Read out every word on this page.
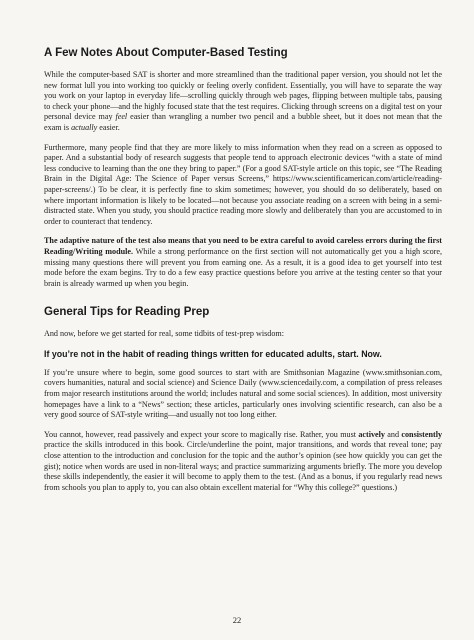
A Few Notes About Computer-Based Testing

While the computer-based SAT is shorter and more streamlined than the traditional paper version, you should not let the new format lull you into working too quickly or feeling overly confident. Essentially, you will have to separate the way you work on your laptop in everyday life—scrolling quickly through web pages, flipping between multiple tabs, pausing to check your phone—and the highly focused state that the test requires. Clicking through screens on a digital test on your personal device may feel easier than wrangling a number two pencil and a bubble sheet, but it does not mean that the exam is actually easier.

Furthermore, many people find that they are more likely to miss information when they read on a screen as opposed to paper. And a substantial body of research suggests that people tend to approach electronic devices “with a state of mind less conducive to learning than the one they bring to paper.” (For a good SAT-style article on this topic, see “The Reading Brain in the Digital Age: The Science of Paper versus Screens,” https://www.scientificamerican.com/article/reading-paper-screens/.) To be clear, it is perfectly fine to skim sometimes; however, you should do so deliberately, based on where important information is likely to be located—not because you associate reading on a screen with being in a semi-distracted state. When you study, you should practice reading more slowly and deliberately than you are accustomed to in order to counteract that tendency.

The adaptive nature of the test also means that you need to be extra careful to avoid careless errors during the first Reading/Writing module. While a strong performance on the first section will not automatically get you a high score, missing many questions there will prevent you from earning one. As a result, it is a good idea to get yourself into test mode before the exam begins. Try to do a few easy practice questions before you arrive at the testing center so that your brain is already warmed up when you begin.

General Tips for Reading Prep

And now, before we get started for real, some tidbits of test-prep wisdom:

If you’re not in the habit of reading things written for educated adults, start. Now.

If you’re unsure where to begin, some good sources to start with are Smithsonian Magazine (www.smithsonian.com, covers humanities, natural and social science) and Science Daily (www.sciencedaily.com, a compilation of press releases from major research institutions around the world; includes natural and some social sciences). In addition, most university homepages have a link to a “News” section; these articles, particularly ones involving scientific research, can also be a very good source of SAT-style writing—and usually not too long either.

You cannot, however, read passively and expect your score to magically rise. Rather, you must actively and consistently practice the skills introduced in this book. Circle/underline the point, major transitions, and words that reveal tone; pay close attention to the introduction and conclusion for the topic and the author’s opinion (see how quickly you can get the gist); notice when words are used in non-literal ways; and practice summarizing arguments briefly. The more you develop these skills independently, the easier it will become to apply them to the test. (And as a bonus, if you regularly read news from schools you plan to apply to, you can also obtain excellent material for “Why this college?” questions.)

22
